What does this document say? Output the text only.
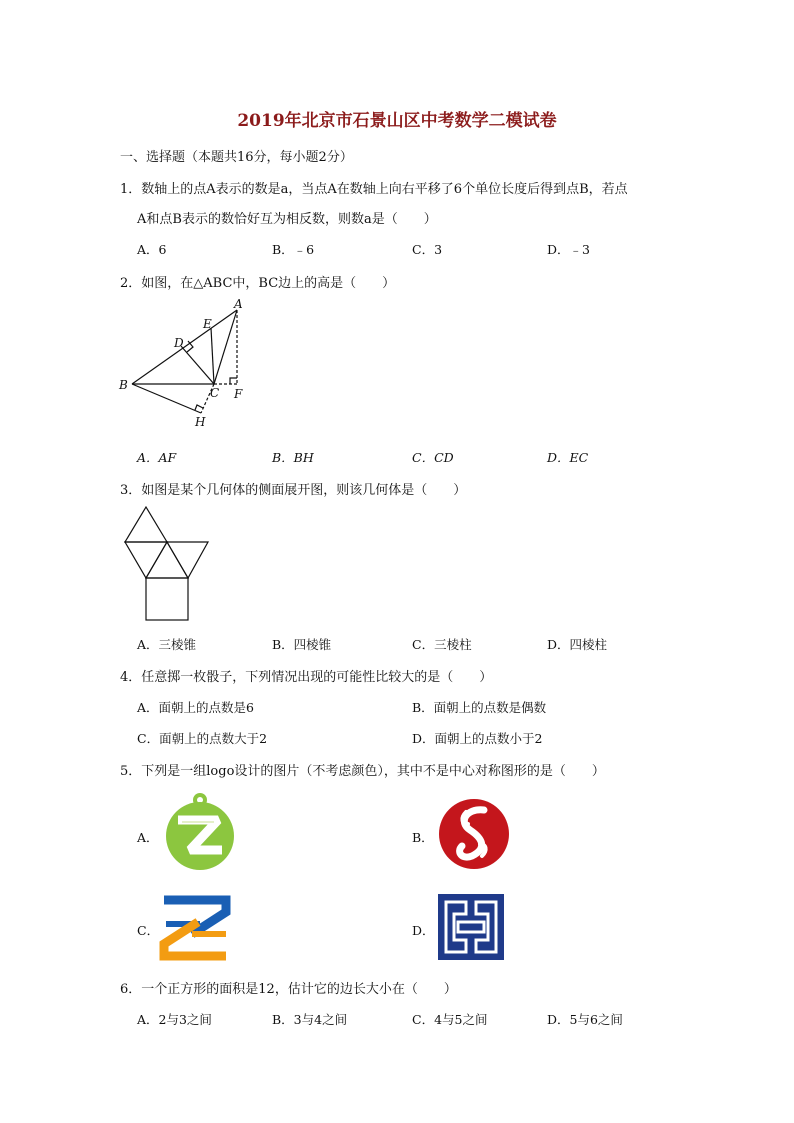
2019年北京市石景山区中考数学二模试卷
一、选择题（本题共16分，每小题2分）
1．数轴上的点A表示的数是a，当点A在数轴上向右平移了6个单位长度后得到点B，若点
A和点B表示的数恰好互为相反数，则数a是（　　）
A．6	B．﹣6	C．3	D．﹣3
2．如图，在△ABC中，BC边上的高是（　　）
A
E
D
B
C F
H
A．AF	B．BH	C．CD	D．EC
3．如图是某个几何体的侧面展开图，则该几何体是（　　）
A．三棱锥	B．四棱锥	C．三棱柱	D．四棱柱
4．任意掷一枚骰子，下列情况出现的可能性比较大的是（　　）
A．面朝上的点数是6	B．面朝上的点数是偶数
C．面朝上的点数大于2	D．面朝上的点数小于2
5．下列是一组logo设计的图片（不考虑颜色），其中不是中心对称图形的是（　　）
A．	B．
C．	D．
6．一个正方形的面积是12，估计它的边长大小在（　　）
A．2与3之间	B．3与4之间	C．4与5之间	D．5与6之间
